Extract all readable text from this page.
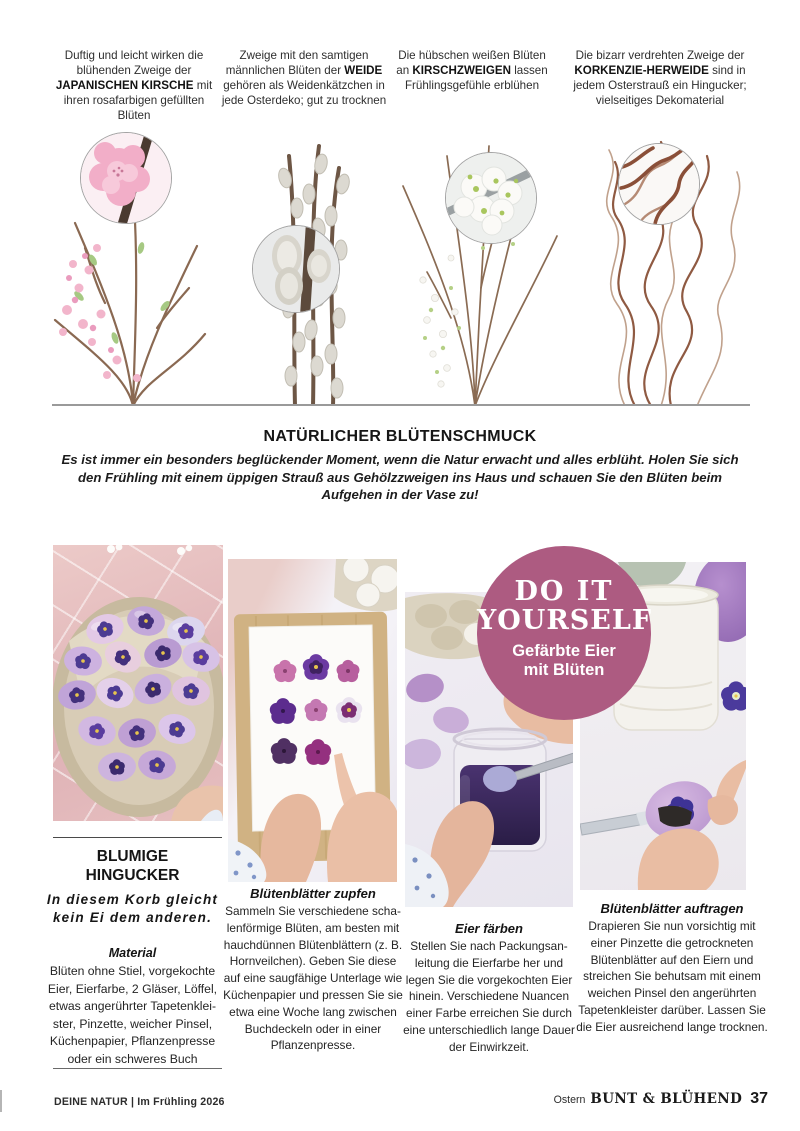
Duftig und leicht wirken die blühenden Zweige der JAPANISCHEN KIRSCHE mit ihren rosafarbigen gefüllten Blüten
Zweige mit den samtigen männlichen Blüten der WEIDE gehören als Weidenkätzchen in jede Osterdeko; gut zu trocknen
Die hübschen weißen Blüten an KIRSCHZWEIGEN lassen Frühlingsgefühle erblühen
Die bizarr verdrehten Zweige der KORKENZIE‑HERWEIDE sind in jedem Osterstrauß ein Hingucker; vielseitiges Dekomaterial
NATÜRLICHER BLÜTENSCHMUCK
Es ist immer ein besonders beglückender Moment, wenn die Natur erwacht und alles erblüht. Holen Sie sich den Frühling mit einem üppigen Strauß aus Gehölzzweigen ins Haus und schauen Sie den Blüten beim Aufgehen in der Vase zu!
DO IT
YOURSELF
Gefärbte Eier
mit Blüten
BLUMIGE HINGUCKER
In diesem Korb gleicht kein Ei dem anderen.
Material
Blüten ohne Stiel, vorgekochte Eier, Eierfarbe, 2 Gläser, Löffel, etwas angerührter Tapetenkleister, Pinzette, weicher Pinsel, Küchenpapier, Pflanzenpresse oder ein schweres Buch
Blütenblätter zupfen
Sammeln Sie verschiedene schalenförmige Blüten, am besten mit hauchdünnen Blütenblättern (z. B. Hornveilchen). Geben Sie diese auf eine saugfähige Unterlage wie Küchenpapier und pressen Sie sie etwa eine Woche lang zwischen Buchdeckeln oder in einer Pflanzenpresse.
Eier färben
Stellen Sie nach Packungsanleitung die Eierfarbe her und legen Sie die vorgekochten Eier hinein. Verschiedene Nuancen einer Farbe erreichen Sie durch eine unterschiedlich lange Dauer der Einwirkzeit.
Blütenblätter auftragen
Drapieren Sie nun vorsichtig mit einer Pinzette die getrockneten Blütenblätter auf den Eiern und streichen Sie behutsam mit einem weichen Pinsel den angerührten Tapetenkleister darüber. Lassen Sie die Eier ausreichend lange trocknen.
DEINE NATUR | Im Frühling 2026	Ostern BUNT & BLÜHEND 37
